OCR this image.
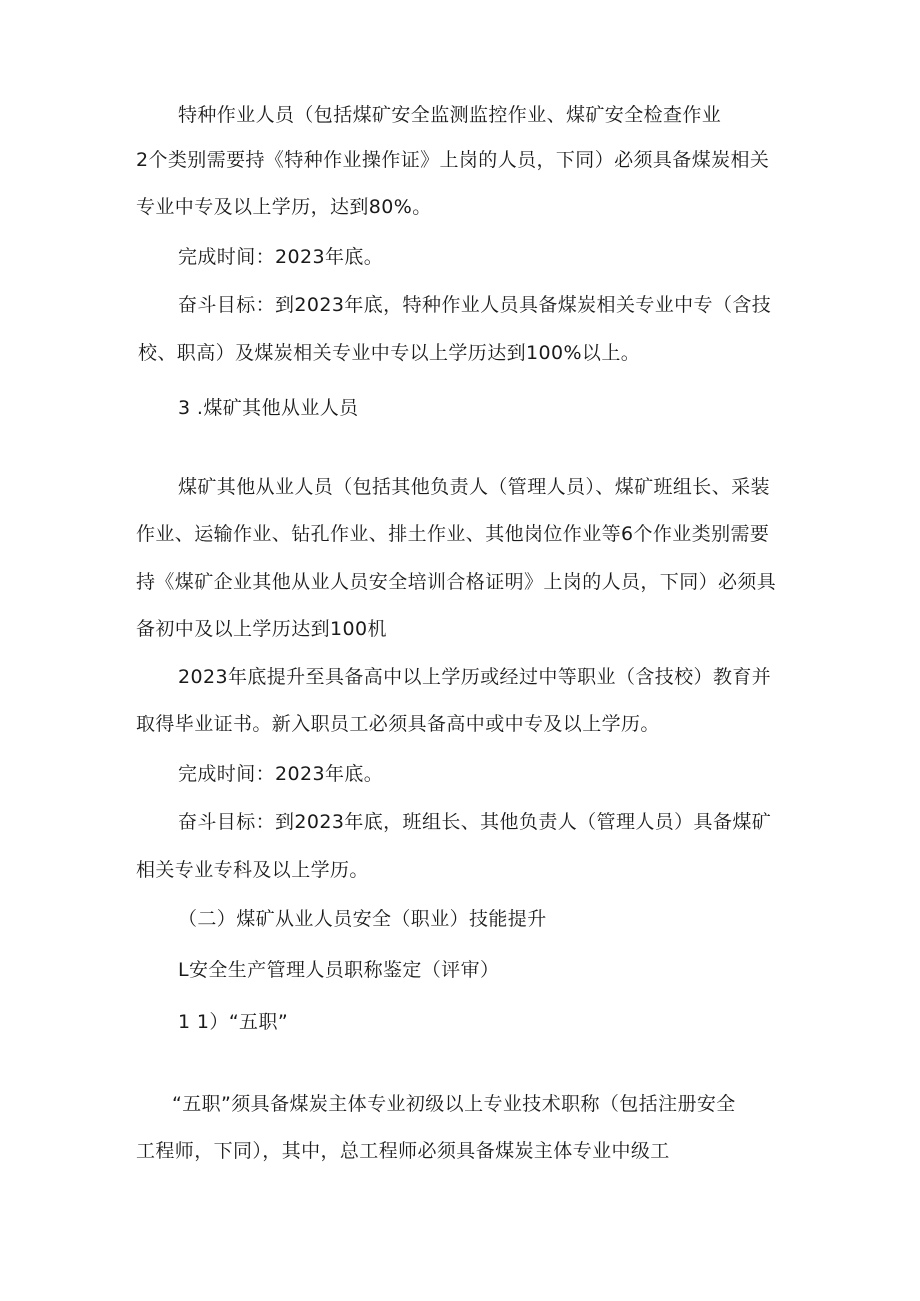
特种作业人员（包括煤矿安全监测监控作业、煤矿安全检查作业
2个类别需要持《特种作业操作证》上岗的人员，下同）必须具备煤炭相关
专业中专及以上学历，达到80%。
完成时间：2023年底。
奋斗目标：到2023年底，特种作业人员具备煤炭相关专业中专（含技
校、职高）及煤炭相关专业中专以上学历达到100%以上。
3 .煤矿其他从业人员
煤矿其他从业人员（包括其他负责人（管理人员）、煤矿班组长、采装
作业、运输作业、钻孔作业、排土作业、其他岗位作业等6个作业类别需要
持《煤矿企业其他从业人员安全培训合格证明》上岗的人员，下同）必须具
备初中及以上学历达到100机
2023年底提升至具备高中以上学历或经过中等职业（含技校）教育并
取得毕业证书。新入职员工必须具备高中或中专及以上学历。
完成时间：2023年底。
奋斗目标：到2023年底，班组长、其他负责人（管理人员）具备煤矿
相关专业专科及以上学历。
（二）煤矿从业人员安全（职业）技能提升
L安全生产管理人员职称鉴定（评审）
1 1）“五职”
“五职”须具备煤炭主体专业初级以上专业技术职称（包括注册安全
工程师，下同），其中，总工程师必须具备煤炭主体专业中级工
